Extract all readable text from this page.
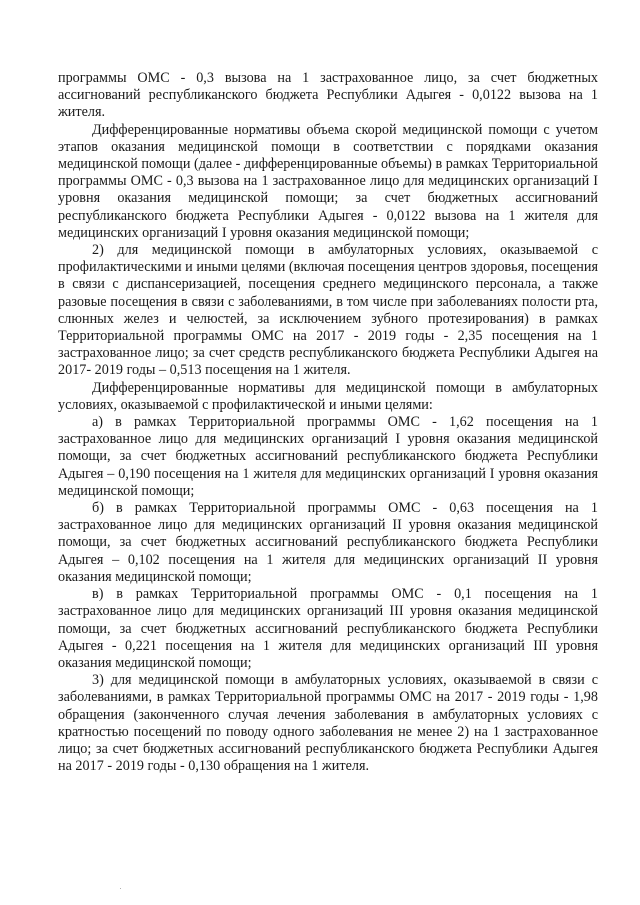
программы ОМС - 0,3 вызова на 1 застрахованное лицо, за счет бюджетных ассигнований республиканского бюджета Республики Адыгея - 0,0122 вызова на 1 жителя.

Дифференцированные нормативы объема скорой медицинской помощи с учетом этапов оказания медицинской помощи в соответствии с порядками оказания медицинской помощи (далее - дифференцированные объемы) в рамках Территориальной программы ОМС - 0,3 вызова на 1 застрахованное лицо для медицинских организаций I уровня оказания медицинской помощи; за счет бюджетных ассигнований республиканского бюджета Республики Адыгея - 0,0122 вызова на 1 жителя для медицинских организаций I уровня оказания медицинской помощи;

2) для медицинской помощи в амбулаторных условиях, оказываемой с профилактическими и иными целями (включая посещения центров здоровья, посещения в связи с диспансеризацией, посещения среднего медицинского персонала, а также разовые посещения в связи с заболеваниями, в том числе при заболеваниях полости рта, слюнных желез и челюстей, за исключением зубного протезирования) в рамках Территориальной программы ОМС на 2017 - 2019 годы - 2,35 посещения на 1 застрахованное лицо; за счет средств республиканского бюджета Республики Адыгея на 2017- 2019 годы – 0,513 посещения на 1 жителя.

Дифференцированные нормативы для медицинской помощи в амбулаторных условиях, оказываемой с профилактической и иными целями:

а) в рамках Территориальной программы ОМС - 1,62 посещения на 1 застрахованное лицо для медицинских организаций I уровня оказания медицинской помощи, за счет бюджетных ассигнований республиканского бюджета Республики Адыгея – 0,190 посещения на 1 жителя для медицинских организаций I уровня оказания медицинской помощи;

б) в рамках Территориальной программы ОМС - 0,63 посещения на 1 застрахованное лицо для медицинских организаций II уровня оказания медицинской помощи, за счет бюджетных ассигнований республиканского бюджета Республики Адыгея – 0,102 посещения на 1 жителя для медицинских организаций II уровня оказания медицинской помощи;

в) в рамках Территориальной программы ОМС - 0,1 посещения на 1 застрахованное лицо для медицинских организаций III уровня оказания медицинской помощи, за счет бюджетных ассигнований республиканского бюджета Республики Адыгея - 0,221 посещения на 1 жителя для медицинских организаций III уровня оказания медицинской помощи;

3) для медицинской помощи в амбулаторных условиях, оказываемой в связи с заболеваниями, в рамках Территориальной программы ОМС на 2017 - 2019 годы - 1,98 обращения (законченного случая лечения заболевания в амбулаторных условиях с кратностью посещений по поводу одного заболевания не менее 2) на 1 застрахованное лицо; за счет бюджетных ассигнований республиканского бюджета Республики Адыгея на 2017 - 2019 годы - 0,130 обращения на 1 жителя.
